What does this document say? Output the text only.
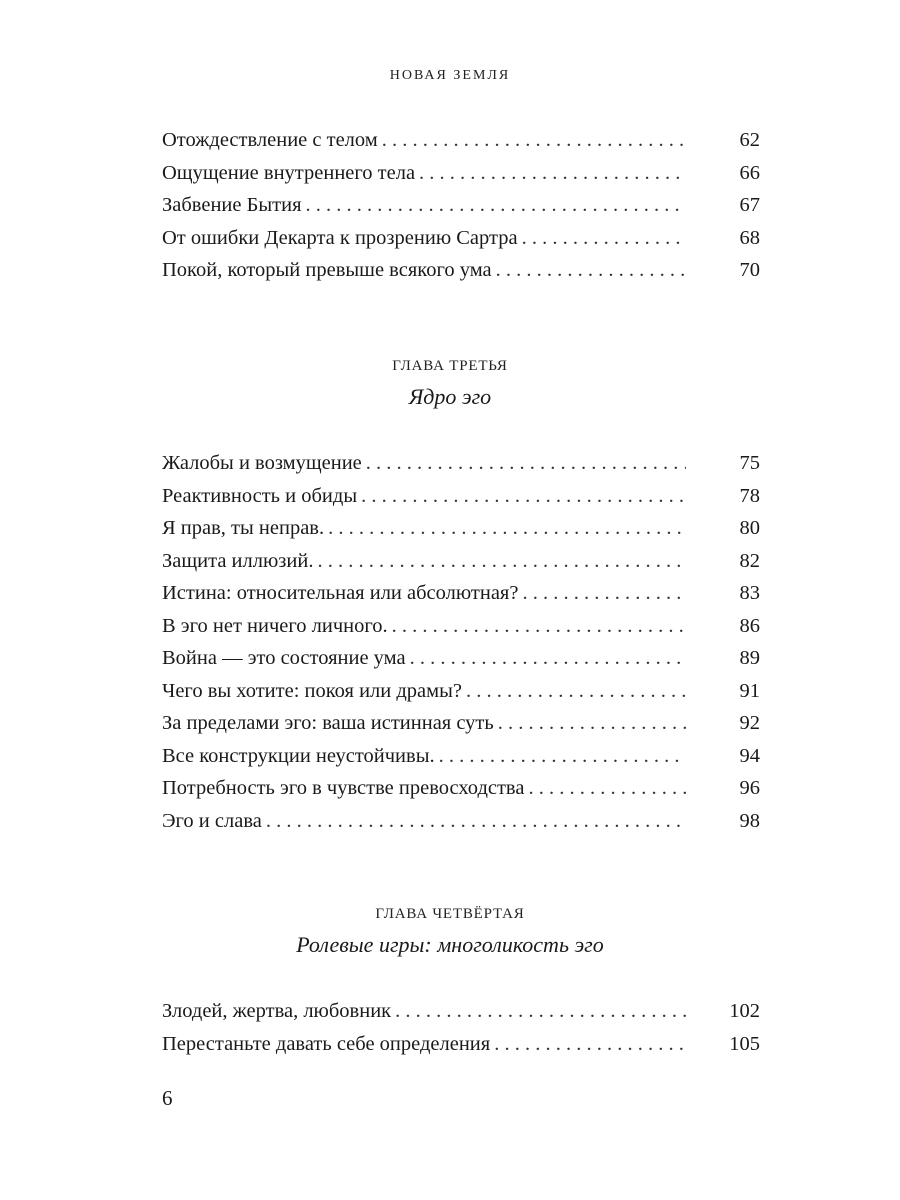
НОВАЯ ЗЕМЛЯ
Отождествление с телом . . .	62
Ощущение внутреннего тела . . .	66
Забвение Бытия . . .	67
От ошибки Декарта к прозрению Сартра . . .	68
Покой, который превыше всякого ума . . .	70
ГЛАВА ТРЕТЬЯ
Ядро эго
Жалобы и возмущение . . .	75
Реактивность и обиды . . .	78
Я прав, ты неправ. . . .	80
Защита иллюзий. . . .	82
Истина: относительная или абсолютная? . . .	83
В эго нет ничего личного. . . .	86
Война — это состояние ума . . .	89
Чего вы хотите: покоя или драмы? . . .	91
За пределами эго: ваша истинная суть . . .	92
Все конструкции неустойчивы. . . .	94
Потребность эго в чувстве превосходства . . .	96
Эго и слава . . .	98
ГЛАВА ЧЕТВЁРТАЯ
Ролевые игры: многоликость эго
Злодей, жертва, любовник . . .	102
Перестаньте давать себе определения . . .	105
6
